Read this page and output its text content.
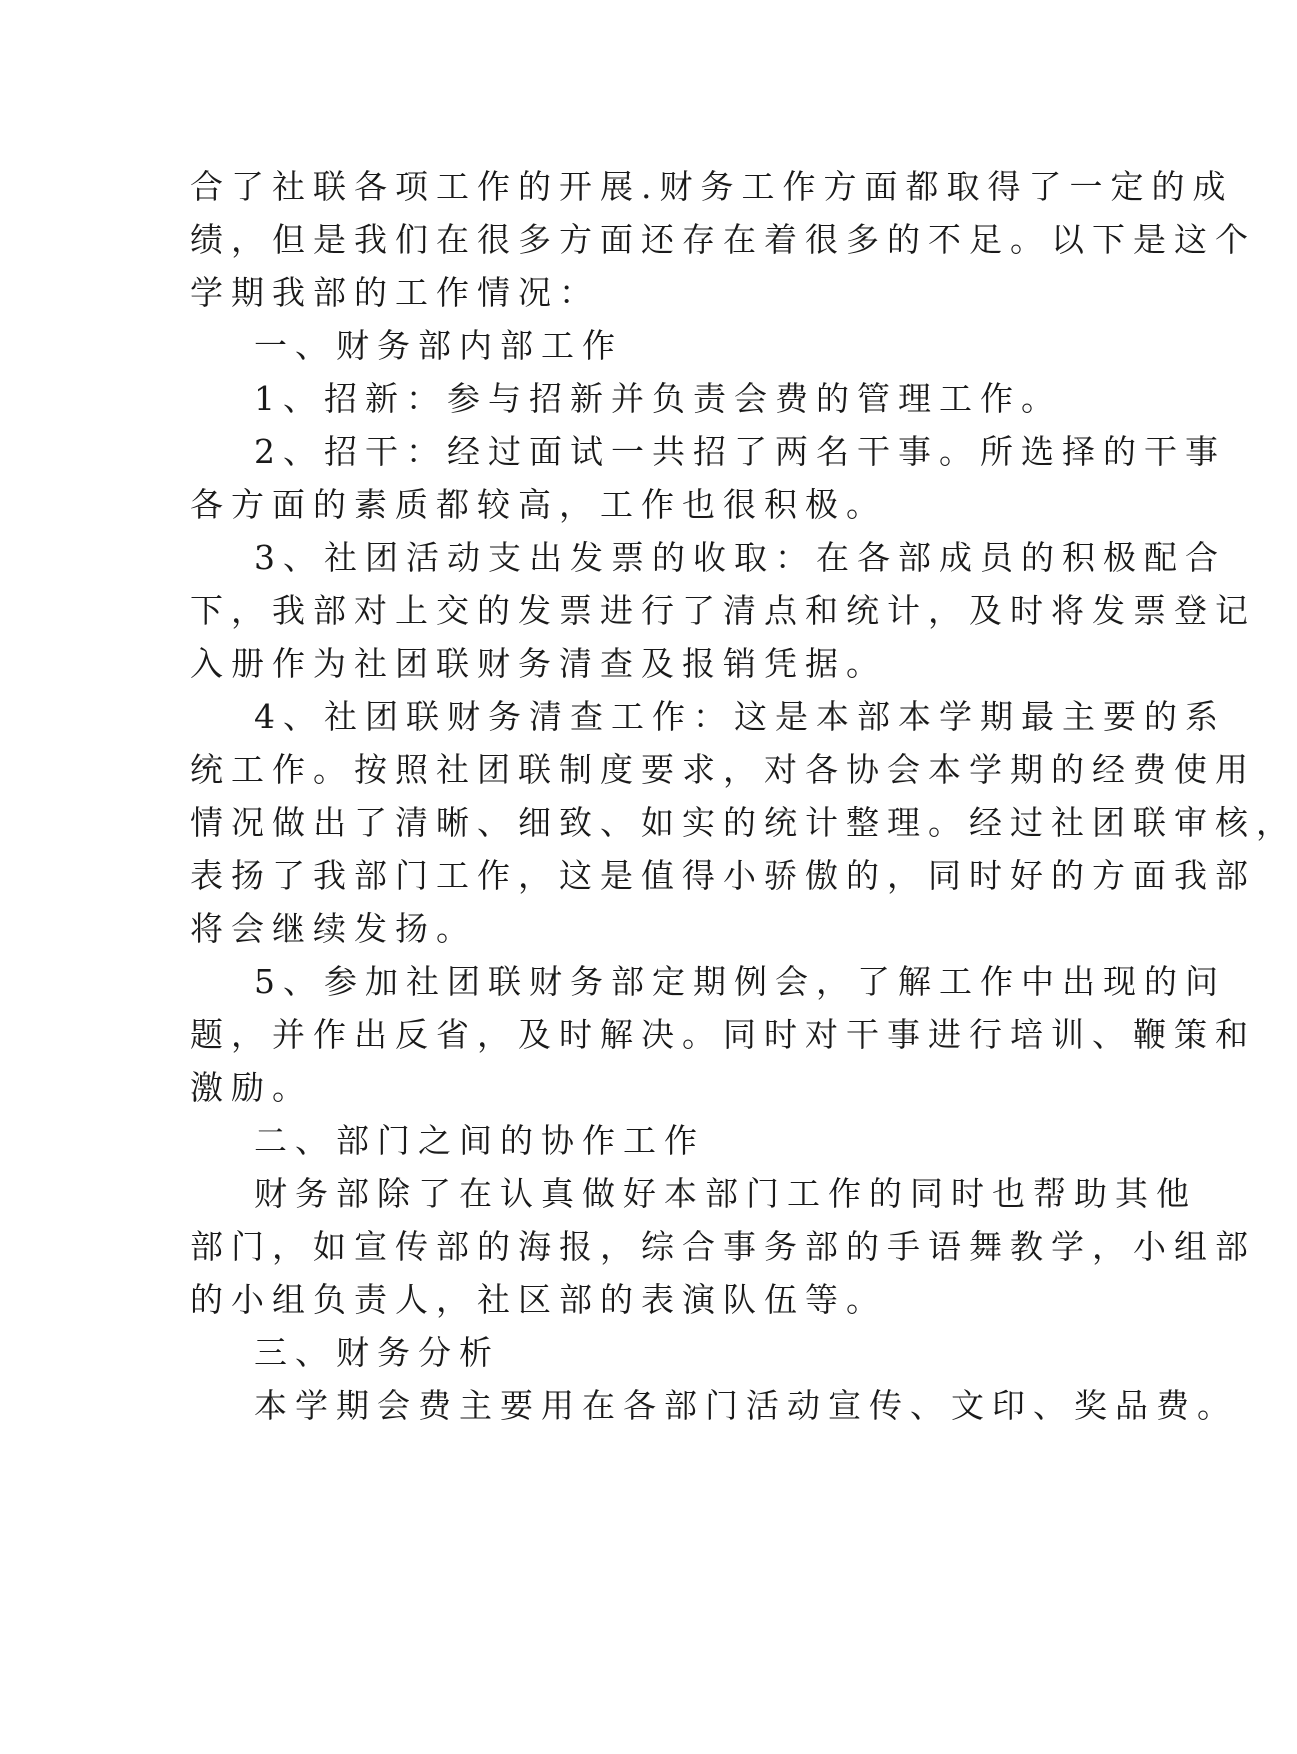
合了社联各项工作的开展.财务工作方面都取得了一定的成
绩，但是我们在很多方面还存在着很多的不足。以下是这个
学期我部的工作情况：
一、财务部内部工作
1、招新：参与招新并负责会费的管理工作。
2、招干：经过面试一共招了两名干事。所选择的干事
各方面的素质都较高，工作也很积极。
3、社团活动支出发票的收取：在各部成员的积极配合
下，我部对上交的发票进行了清点和统计，及时将发票登记
入册作为社团联财务清查及报销凭据。
4、社团联财务清查工作：这是本部本学期最主要的系
统工作。按照社团联制度要求，对各协会本学期的经费使用
情况做出了清晰、细致、如实的统计整理。经过社团联审核，
表扬了我部门工作，这是值得小骄傲的，同时好的方面我部
将会继续发扬。
5、参加社团联财务部定期例会，了解工作中出现的问
题，并作出反省，及时解决。同时对干事进行培训、鞭策和
激励。
二、部门之间的协作工作
财务部除了在认真做好本部门工作的同时也帮助其他
部门，如宣传部的海报，综合事务部的手语舞教学，小组部
的小组负责人，社区部的表演队伍等。
三、财务分析
本学期会费主要用在各部门活动宣传、文印、奖品费。
